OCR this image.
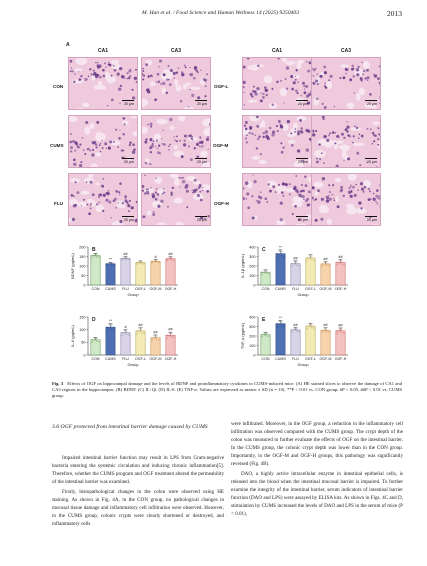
M. Han et al. / Food Science and Human Wellness 14 (2025) 9250403	2013
A
CA1	CA3	CA1	CA3
CON
CUMS
FLU
OGF-L
OGF-M
OGF-H
20 μm	20 μm	20 μm	20 μm
20 μm	20 μm	20 μm	20 μm
20 μm	20 μm	20 μm	20 μm
B
0
50
100
150
200
BDNF (pg/mL)
CON
**
CUMS
##
FLU OGF-L
#
OGF-M
##
OGF-H
Group
C
0
100
200
300
400
IL-1β (pg/mL)
CON
**
CUMS
##
FLU OGF-L
##
OGF-M
##
OGF-H
Group
D
0
50
100
150
IL-6 (pg/mL)
CON
**
CUMS
#
FLU
##
OGF-L
##
OGF-M
##
OGF-H
Group
E
0
100
200
300
400
TNF-α (pg/mL)
CON
**
CUMS
##
FLU OGF-L
##
OGF-M
##
OGF-H
Group
Fig. 3 Effects of OGF on hippocampal damage and the levels of BDNF and proinflammatory cytokines in CUMS-induced mice. (A) HE stained slices to observe the damage of CA1 and CA3 regions in the hippocampus. (B) BDNF. (C) IL-1β. (D) IL-6. (E) TNF-α. Values are expressed as means ± SD (n = 10). **P < 0.01 vs. CON group; #P < 0.05, ##P < 0.01 vs. CUMS group.
3.6 OGF protected from intestinal barrier damage caused by CUMS

Impaired intestinal barrier function may result in LPS from Gram-negative bacteria entering the systemic circulation and inducing chronic inflammation[5]. Therefore, whether the CUMS program and OGF treatment altered the permeability of the intestinal barrier was examined.

Firstly, histopathological changes in the colon were observed using HE staining. As shown in Fig. 4A, in the CON group, no pathological changes in mucosal tissue damage and inflammatory cell infiltration were observed. However, in the CUMS group, colonic crypts were clearly shortened or destroyed, and inflammatory cells

were infiltrated. Moreover, in the OGF group, a reduction in the inflammatory cell infiltration was observed compared with the CUMS group. The crypt depth of the colon was measured to further evaluate the effects of OGF on the intestinal barrier. In the CUMS group, the colonic crypt depth was lower than in the CON group. Importantly, in the OGF-M and OGF-H groups, this pathology was significantly reversed (Fig. 4B).

DAO, a highly active intracellular enzyme in intestinal epithelial cells, is released into the blood when the intestinal mucosal barrier is impaired. To further examine the integrity of the intestinal barrier, serum indicators of intestinal barrier function (DAO and LPS) were assayed by ELISA kits. As shown in Figs. 4C and D, stimulation by CUMS increased the levels of DAO and LPS in the serum of mice (P < 0.01),
